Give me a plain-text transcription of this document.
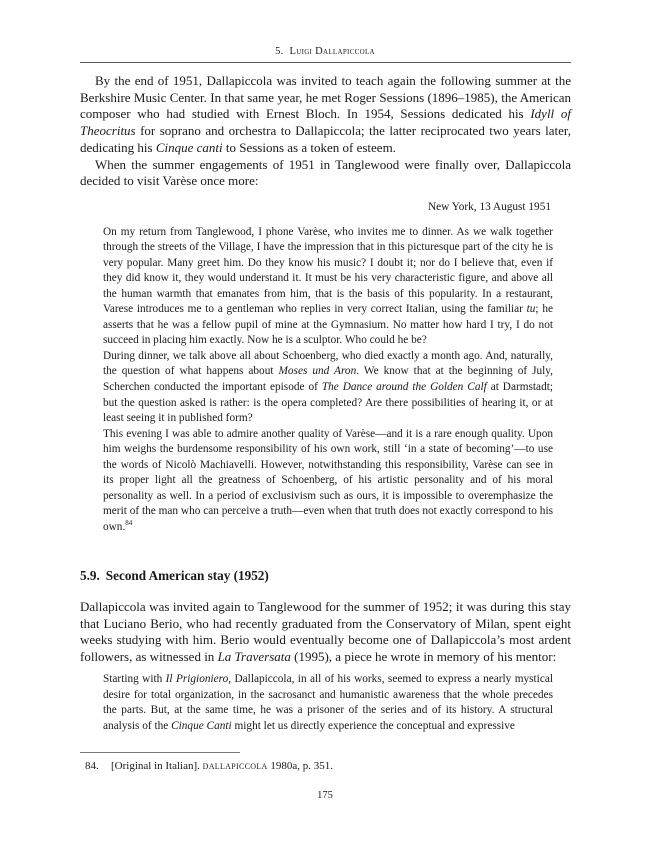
5. Luigi Dallapiccola

By the end of 1951, Dallapiccola was invited to teach again the following summer at the Berkshire Music Center. In that same year, he met Roger Sessions (1896–1985), the American composer who had studied with Ernest Bloch. In 1954, Sessions dedicated his Idyll of Theocritus for soprano and orchestra to Dallapiccola; the latter reciprocated two years later, dedicating his Cinque canti to Sessions as a token of esteem.

When the summer engagements of 1951 in Tanglewood were finally over, Dallapiccola decided to visit Varèse once more:

New York, 13 August 1951

On my return from Tanglewood, I phone Varèse, who invites me to dinner. As we walk together through the streets of the Village, I have the impression that in this picturesque part of the city he is very popular. Many greet him. Do they know his music? I doubt it; nor do I believe that, even if they did know it, they would understand it. It must be his very characteristic figure, and above all the human warmth that emanates from him, that is the basis of this popularity. In a restaurant, Varese introduces me to a gentleman who replies in very correct Italian, using the familiar tu; he asserts that he was a fellow pupil of mine at the Gymnasium. No matter how hard I try, I do not succeed in placing him exactly. Now he is a sculptor. Who could he be?

During dinner, we talk above all about Schoenberg, who died exactly a month ago. And, naturally, the question of what happens about Moses und Aron. We know that at the beginning of July, Scherchen conducted the important episode of The Dance around the Golden Calf at Darmstadt; but the question asked is rather: is the opera completed? Are there possibilities of hearing it, or at least seeing it in published form?

This evening I was able to admire another quality of Varèse—and it is a rare enough quality. Upon him weighs the burdensome responsibility of his own work, still ‘in a state of becoming’—to use the words of Nicolò Machiavelli. However, notwithstanding this responsibility, Varèse can see in its proper light all the greatness of Schoenberg, of his artistic personality and of his moral personality as well. In a period of exclusivism such as ours, it is impossible to overemphasize the merit of the man who can perceive a truth—even when that truth does not exactly correspond to his own.$^{84}$

5.9. Second American stay (1952)

Dallapiccola was invited again to Tanglewood for the summer of 1952; it was during this stay that Luciano Berio, who had recently graduated from the Conservatory of Milan, spent eight weeks studying with him. Berio would eventually become one of Dallapiccola’s most ardent followers, as witnessed in La Traversata (1995), a piece he wrote in memory of his mentor:

Starting with Il Prigioniero, Dallapiccola, in all of his works, seemed to express a nearly mystical desire for total organization, in the sacrosanct and humanistic awareness that the whole precedes the parts. But, at the same time, he was a prisoner of the series and of its history. A structural analysis of the Cinque Canti might let us directly experience the conceptual and expressive

84. [Original in Italian]. dallapiccola 1980a, p. 351.
175
